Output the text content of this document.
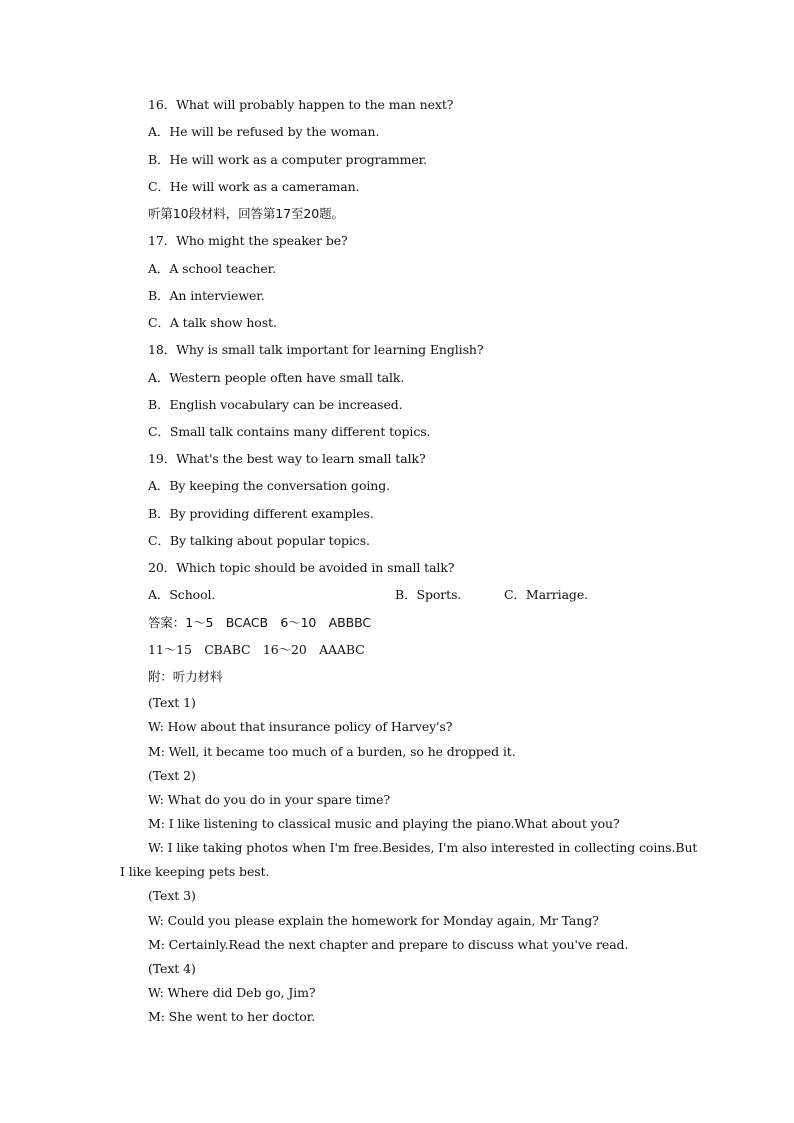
16．What will probably happen to the man next?
A．He will be refused by the woman.
B．He will work as a computer programmer.
C．He will work as a cameraman.
听第10段材料，回答第17至20题。
17．Who might the speaker be?
A．A school teacher.
B．An interviewer.
C．A talk show host.
18．Why is small talk important for learning English?
A．Western people often have small talk.
B．English vocabulary can be increased.
C．Small talk contains many different topics.
19．What's the best way to learn small talk?
A．By keeping the conversation going.
B．By providing different examples.
C．By talking about popular topics.
20．Which topic should be avoided in small talk?
A．School.	B．Sports.	C．Marriage.
答案：1～5　BCACB　6～10　ABBBC
11～15　CBABC　16～20　AAABC
附：听力材料
(Text 1)
W: How about that insurance policy of Harvey's?
M: Well, it became too much of a burden, so he dropped it.
(Text 2)
W: What do you do in your spare time?
M: I like listening to classical music and playing the piano.What about you?
W: I like taking photos when I'm free.Besides, I'm also interested in collecting coins.But
I like keeping pets best.
(Text 3)
W: Could you please explain the homework for Monday again, Mr Tang?
M: Certainly.Read the next chapter and prepare to discuss what you've read.
(Text 4)
W: Where did Deb go, Jim?
M: She went to her doctor.
